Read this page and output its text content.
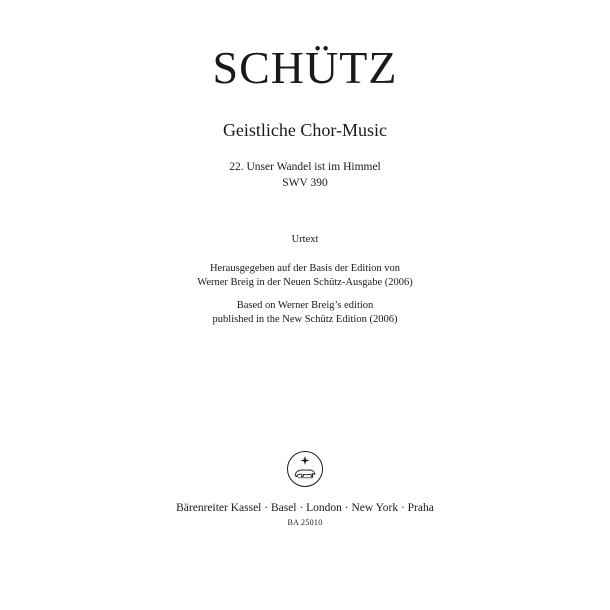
SCHÜTZ
Geistliche Chor-Music
22. Unser Wandel ist im Himmel
SWV 390
Urtext
Herausgegeben auf der Basis der Edition von
Werner Breig in der Neuen Schütz-Ausgabe (2006)
Based on Werner Breig’s edition
published in the New Schütz Edition (2006)
Bärenreiter Kassel · Basel · London · New York · Praha
BA 25010
